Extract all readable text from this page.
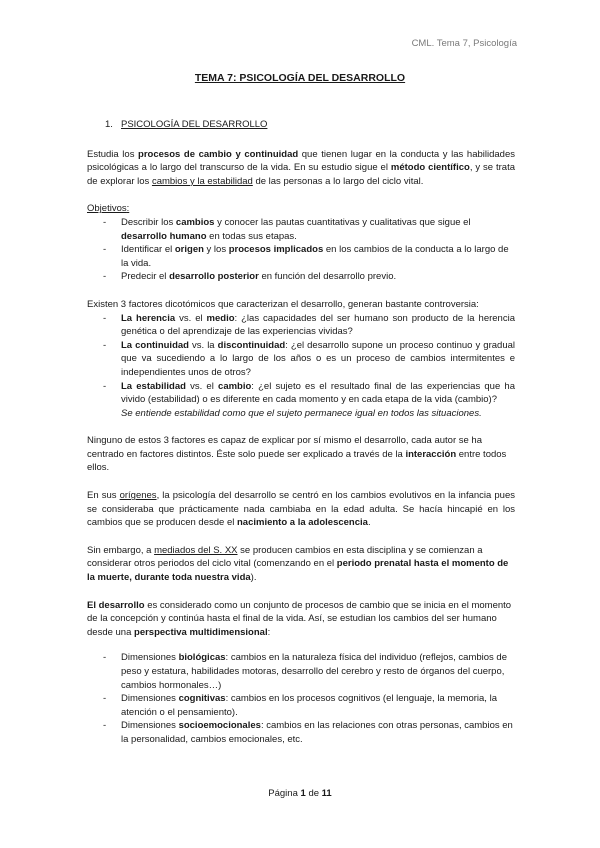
CML. Tema 7, Psicología
TEMA 7: PSICOLOGÍA DEL DESARROLLO
1. PSICOLOGÍA DEL DESARROLLO

Estudia los procesos de cambio y continuidad que tienen lugar en la conducta y las habilidades psicológicas a lo largo del transcurso de la vida. En su estudio sigue el método científico, y se trata de explorar los cambios y la estabilidad de las personas a lo largo del ciclo vital.

Objetivos:

- Describir los cambios y conocer las pautas cuantitativas y cualitativas que sigue el desarrollo humano en todas sus etapas.
- Identificar el origen y los procesos implicados en los cambios de la conducta a lo largo de la vida.
- Predecir el desarrollo posterior en función del desarrollo previo.

Existen 3 factores dicotómicos que caracterizan el desarrollo, generan bastante controversia:

- La herencia vs. el medio: ¿las capacidades del ser humano son producto de la herencia genética o del aprendizaje de las experiencias vividas?
- La continuidad vs. la discontinuidad: ¿el desarrollo supone un proceso continuo y gradual que va sucediendo a lo largo de los años o es un proceso de cambios intermitentes e independientes unos de otros?
- La estabilidad vs. el cambio: ¿el sujeto es el resultado final de las experiencias que ha vivido (estabilidad) o es diferente en cada momento y en cada etapa de la vida (cambio)?
Se entiende estabilidad como que el sujeto permanece igual en todos las situaciones.

Ninguno de estos 3 factores es capaz de explicar por sí mismo el desarrollo, cada autor se ha centrado en factores distintos. Éste solo puede ser explicado a través de la interacción entre todos ellos.

En sus orígenes, la psicología del desarrollo se centró en los cambios evolutivos en la infancia pues se consideraba que prácticamente nada cambiaba en la edad adulta. Se hacía hincapié en los cambios que se producen desde el nacimiento a la adolescencia.

Sin embargo, a mediados del S. XX se producen cambios en esta disciplina y se comienzan a considerar otros periodos del ciclo vital (comenzando en el periodo prenatal hasta el momento de la muerte, durante toda nuestra vida).

El desarrollo es considerado como un conjunto de procesos de cambio que se inicia en el momento de la concepción y continúa hasta el final de la vida. Así, se estudian los cambios del ser humano desde una perspectiva multidimensional:

- Dimensiones biológicas: cambios en la naturaleza física del individuo (reflejos, cambios de peso y estatura, habilidades motoras, desarrollo del cerebro y resto de órganos del cuerpo, cambios hormonales…)
- Dimensiones cognitivas: cambios en los procesos cognitivos (el lenguaje, la memoria, la atención o el pensamiento).
- Dimensiones socioemocionales: cambios en las relaciones con otras personas, cambios en la personalidad, cambios emocionales, etc.
Página 1 de 11
